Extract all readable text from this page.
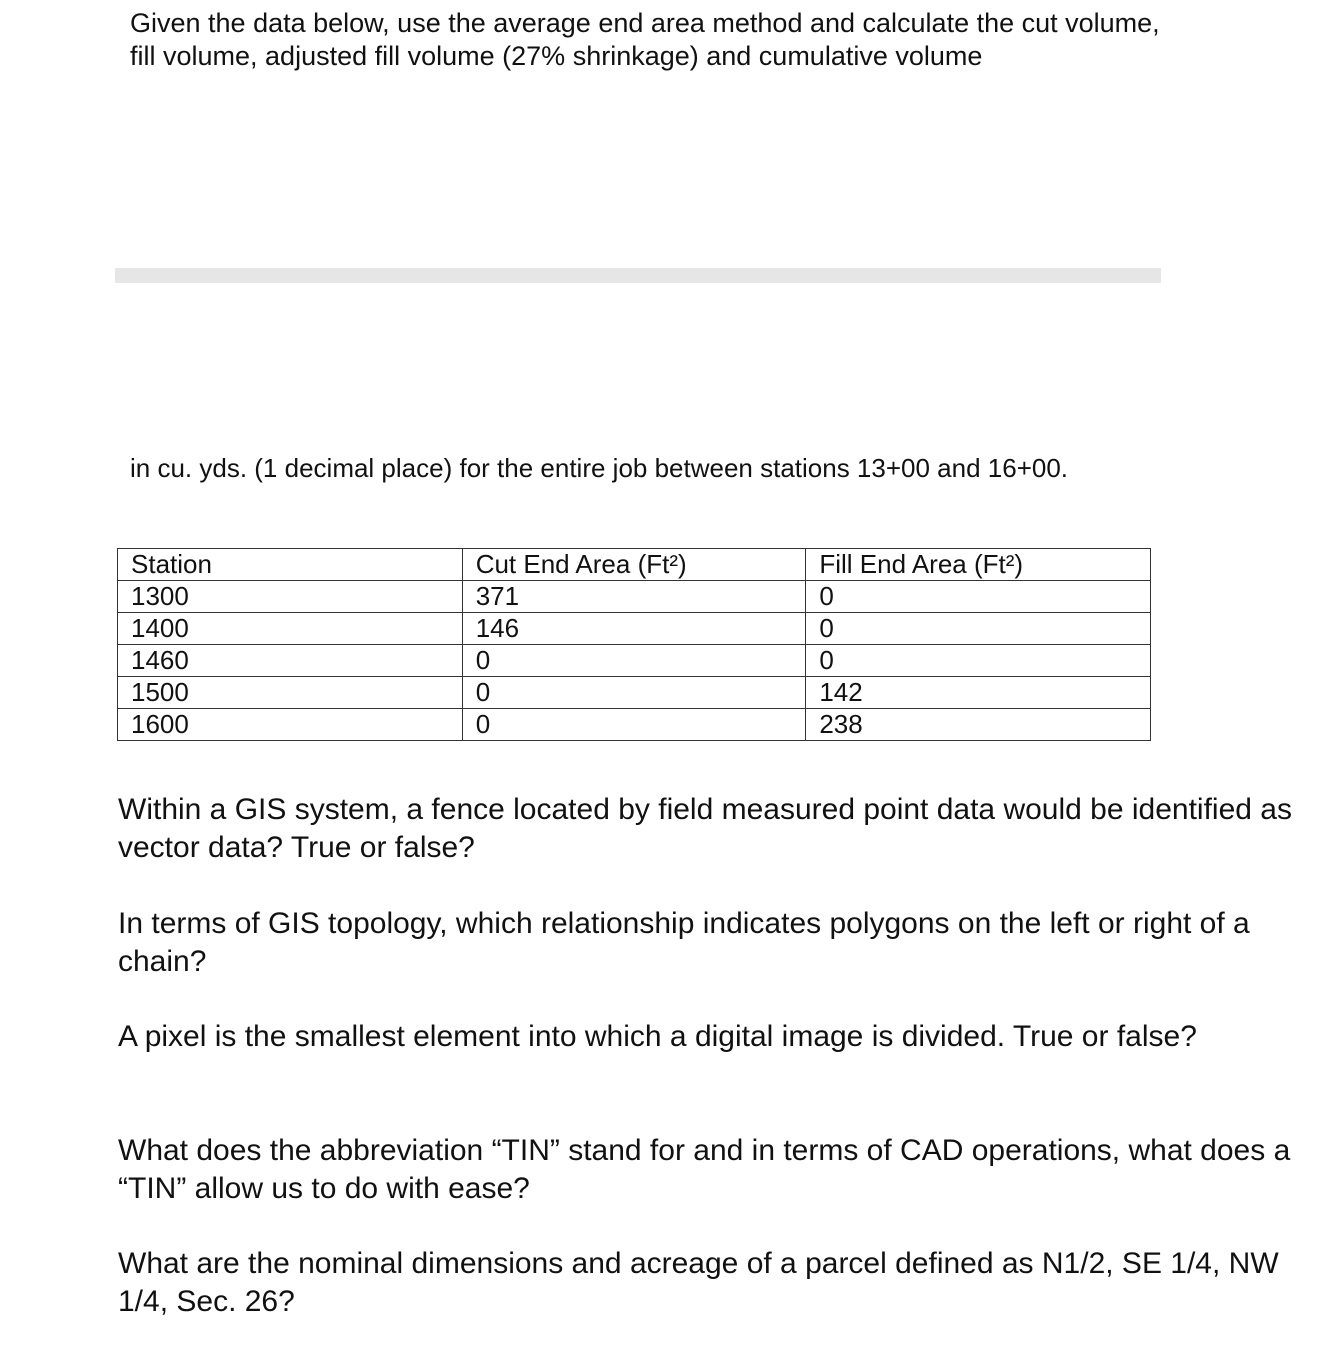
Given the data below, use the average end area method and calculate the cut volume, fill volume, adjusted fill volume (27% shrinkage) and cumulative volume

in cu. yds. (1 decimal place) for the entire job between stations 13+00 and 16+00.

Station	Cut End Area (Ft²)	Fill End Area (Ft²)
1300	371	0
1400	146	0
1460	0	0
1500	0	142
1600	0	238

Within a GIS system, a fence located by field measured point data would be identified as vector data? True or false?

In terms of GIS topology, which relationship indicates polygons on the left or right of a chain?

A pixel is the smallest element into which a digital image is divided. True or false?

What does the abbreviation “TIN” stand for and in terms of CAD operations, what does a “TIN” allow us to do with ease?

What are the nominal dimensions and acreage of a parcel defined as N1/2, SE 1/4, NW 1/4, Sec. 26?
